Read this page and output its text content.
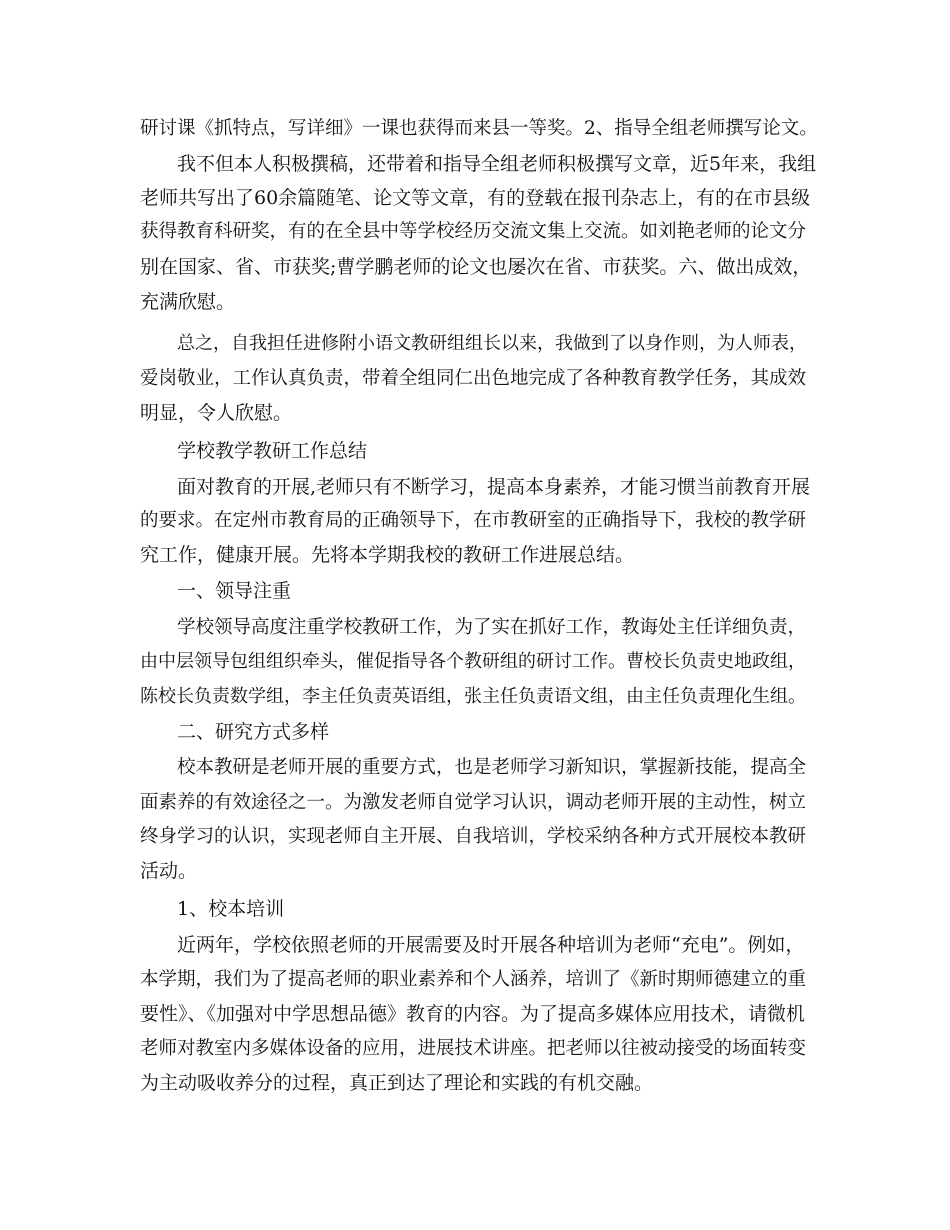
研讨课《抓特点，写详细》一课也获得而来县一等奖。2、指导全组老师撰写论文。
我不但本人积极撰稿，还带着和指导全组老师积极撰写文章，近5年来，我组
老师共写出了60余篇随笔、论文等文章，有的登载在报刊杂志上，有的在市县级
获得教育科研奖，有的在全县中等学校经历交流文集上交流。如刘艳老师的论文分
别在国家、省、市获奖;曹学鹏老师的论文也屡次在省、市获奖。六、做出成效，
充满欣慰。
总之，自我担任进修附小语文教研组组长以来，我做到了以身作则，为人师表，
爱岗敬业，工作认真负责，带着全组同仁出色地完成了各种教育教学任务，其成效
明显，令人欣慰。
学校教学教研工作总结
面对教育的开展,老师只有不断学习，提高本身素养，才能习惯当前教育开展
的要求。在定州市教育局的正确领导下，在市教研室的正确指导下，我校的教学研
究工作，健康开展。先将本学期我校的教研工作进展总结。
一、领导注重
学校领导高度注重学校教研工作，为了实在抓好工作，教诲处主任详细负责，
由中层领导包组组织牵头，催促指导各个教研组的研讨工作。曹校长负责史地政组，
陈校长负责数学组，李主任负责英语组，张主任负责语文组，由主任负责理化生组。
二、研究方式多样
校本教研是老师开展的重要方式，也是老师学习新知识，掌握新技能，提高全
面素养的有效途径之一。为激发老师自觉学习认识，调动老师开展的主动性，树立
终身学习的认识，实现老师自主开展、自我培训，学校采纳各种方式开展校本教研
活动。
1、校本培训
近两年，学校依照老师的开展需要及时开展各种培训为老师“充电”。例如，
本学期，我们为了提高老师的职业素养和个人涵养，培训了《新时期师德建立的重
要性》、《加强对中学思想品德》教育的内容。为了提高多媒体应用技术，请微机
老师对教室内多媒体设备的应用，进展技术讲座。把老师以往被动接受的场面转变
为主动吸收养分的过程，真正到达了理论和实践的有机交融。
